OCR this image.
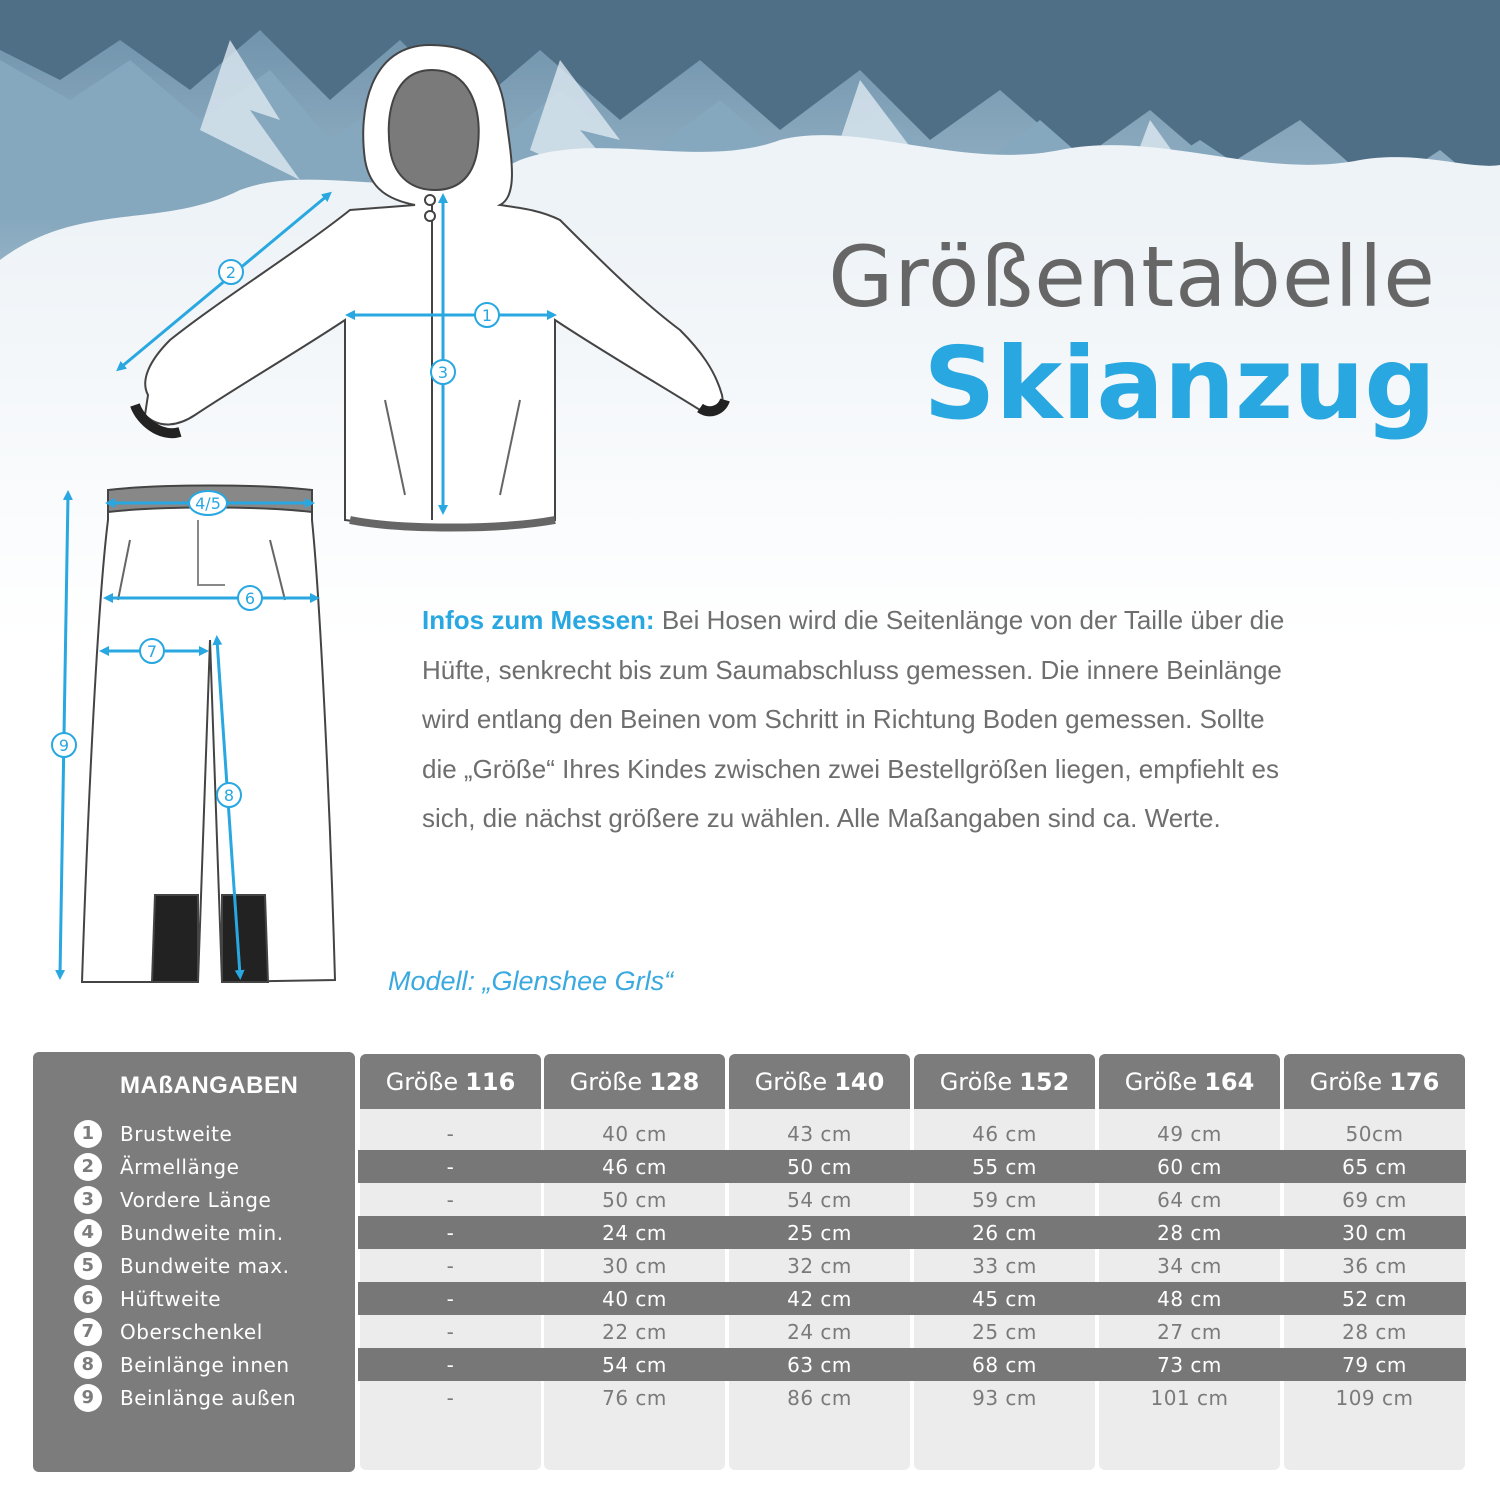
Größentabelle
Skianzug
1
2
3
4/5
6
7
8
9
Infos zum Messen: Bei Hosen wird die Seitenlänge von der Taille über die Hüfte, senkrecht bis zum Saumabschluss gemessen. Die innere Beinlänge wird entlang den Beinen vom Schritt in Richtung Boden gemessen. Sollte die „Größe“ Ihres Kindes zwischen zwei Bestellgrößen liegen, empfiehlt es sich, die nächst größere zu wählen. Alle Maßangaben sind ca. Werte.
Modell: „Glenshee Grls“
MAßANGABEN	Größe 116 Größe 128 Größe 140 Größe 152 Größe 164 Größe 176
1	Brustweite	-	40 cm	43 cm	46 cm	49 cm	50cm
2	Ärmellänge	-	46 cm	50 cm	55 cm	60 cm	65 cm
3	Vordere Länge	-	50 cm	54 cm	59 cm	64 cm	69 cm
4	Bundweite min.	-	24 cm	25 cm	26 cm	28 cm	30 cm
5	Bundweite max.	-	30 cm	32 cm	33 cm	34 cm	36 cm
6	Hüftweite	-	40 cm	42 cm	45 cm	48 cm	52 cm
7	Oberschenkel	-	22 cm	24 cm	25 cm	27 cm	28 cm
8	Beinlänge innen	-	54 cm	63 cm	68 cm	73 cm	79 cm
9	Beinlänge außen	-	76 cm	86 cm	93 cm	101 cm	109 cm
